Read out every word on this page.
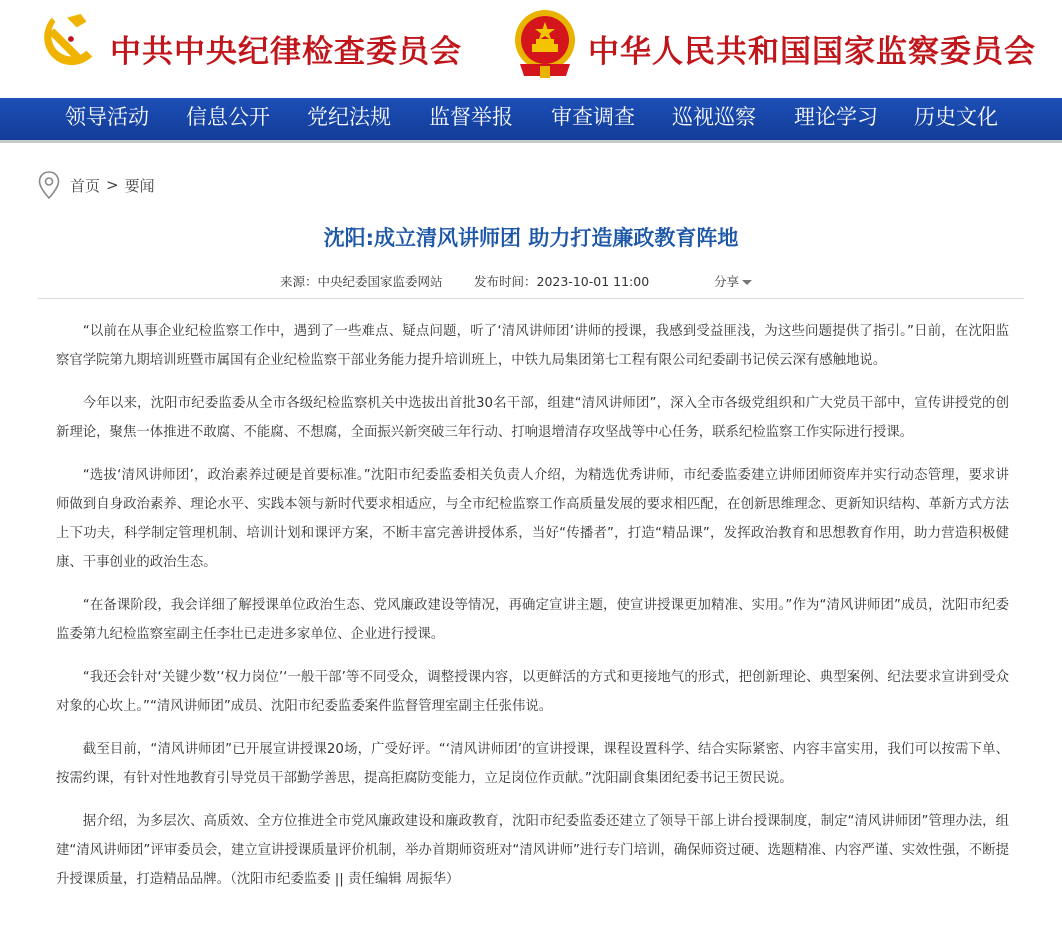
中共中央纪律检查委员会	中华人民共和国国家监察委员会
领导活动 信息公开 党纪法规 监督举报 审查调查 巡视巡察 理论学习 历史文化
首页 > 要闻
沈阳:成立清风讲师团 助力打造廉政教育阵地
来源：中央纪委国家监委网站	发布时间：2023-10-01 11:00	分享

“以前在从事企业纪检监察工作中，遇到了一些难点、疑点问题，听了‘清风讲师团’讲师的授课，我感到受益匪浅，为这些问题提供了指引。”日前，在沈阳监察官学院第九期培训班暨市属国有企业纪检监察干部业务能力提升培训班上，中铁九局集团第七工程有限公司纪委副书记侯云深有感触地说。

今年以来，沈阳市纪委监委从全市各级纪检监察机关中选拔出首批30名干部，组建“清风讲师团”，深入全市各级党组织和广大党员干部中，宣传讲授党的创新理论，聚焦一体推进不敢腐、不能腐、不想腐，全面振兴新突破三年行动、打响退增清存攻坚战等中心任务，联系纪检监察工作实际进行授课。

“选拔‘清风讲师团’，政治素养过硬是首要标准。”沈阳市纪委监委相关负责人介绍，为精选优秀讲师，市纪委监委建立讲师团师资库并实行动态管理，要求讲师做到自身政治素养、理论水平、实践本领与新时代要求相适应，与全市纪检监察工作高质量发展的要求相匹配，在创新思维理念、更新知识结构、革新方式方法上下功夫，科学制定管理机制、培训计划和课评方案，不断丰富完善讲授体系，当好“传播者”，打造“精品课”，发挥政治教育和思想教育作用，助力营造积极健康、干事创业的政治生态。

“在备课阶段，我会详细了解授课单位政治生态、党风廉政建设等情况，再确定宣讲主题，使宣讲授课更加精准、实用。”作为“清风讲师团”成员，沈阳市纪委监委第九纪检监察室副主任李壮已走进多家单位、企业进行授课。

“我还会针对‘关键少数’‘权力岗位’‘一般干部’等不同受众，调整授课内容，以更鲜活的方式和更接地气的形式，把创新理论、典型案例、纪法要求宣讲到受众对象的心坎上。”“清风讲师团”成员、沈阳市纪委监委案件监督管理室副主任张伟说。

截至目前，“清风讲师团”已开展宣讲授课20场，广受好评。“‘清风讲师团’的宣讲授课，课程设置科学、结合实际紧密、内容丰富实用，我们可以按需下单、按需约课，有针对性地教育引导党员干部勤学善思，提高拒腐防变能力，立足岗位作贡献。”沈阳副食集团纪委书记王贺民说。

据介绍，为多层次、高质效、全方位推进全市党风廉政建设和廉政教育，沈阳市纪委监委还建立了领导干部上讲台授课制度，制定“清风讲师团”管理办法，组建“清风讲师团”评审委员会，建立宣讲授课质量评价机制，举办首期师资班对“清风讲师”进行专门培训，确保师资过硬、选题精准、内容严谨、实效性强，不断提升授课质量，打造精品品牌。（沈阳市纪委监委 || 责任编辑 周振华）
